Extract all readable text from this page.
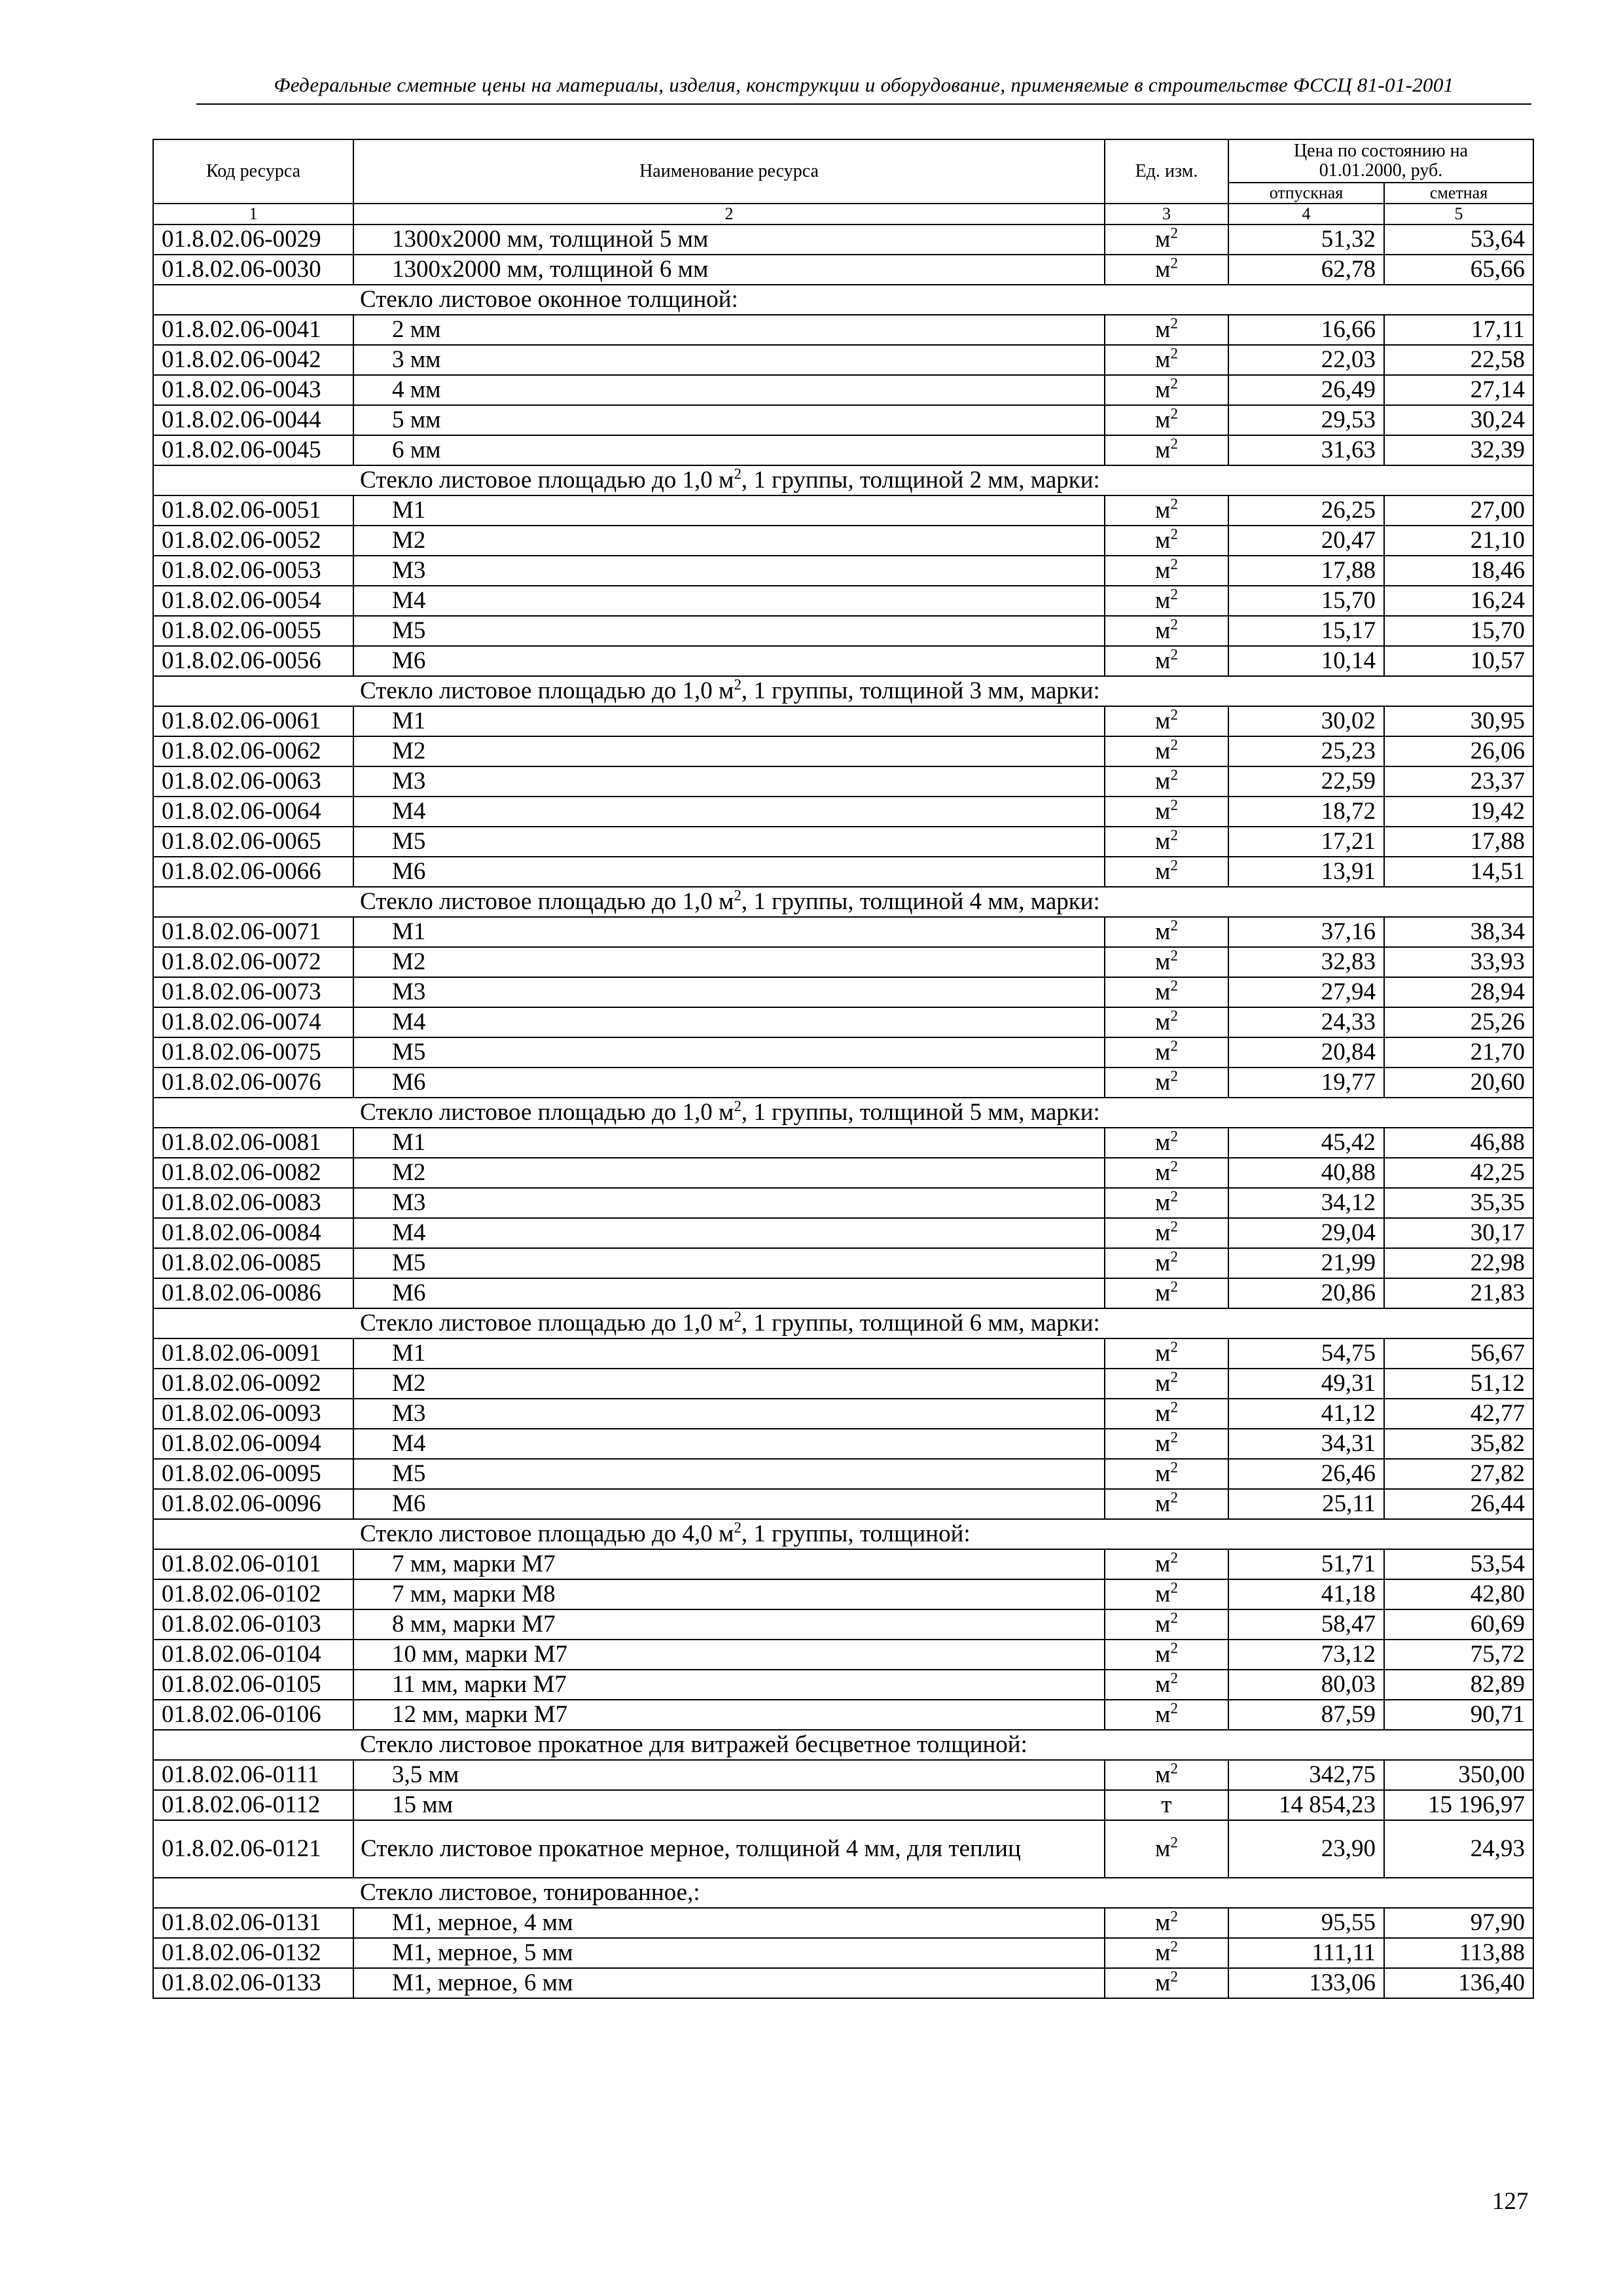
Федеральные сметные цены на материалы, изделия, конструкции и оборудование, применяемые в строительстве ФССЦ 81-01-2001
Код ресурса	Наименование ресурса	Ед. изм.	Цена по состоянию на 01.01.2000, руб.	

			отпускная	сметная
1	2	3	4	5
01.8.02.06-0029	1300х2000 мм, толщиной 5 мм	$м^2$	51,32	53,64
01.8.02.06-0030	1300х2000 мм, толщиной 6 мм	$м^2$	62,78	65,66
	Стекло листовое оконное толщиной:			
01.8.02.06-0041	2 мм	$м^2$	16,66	17,11
01.8.02.06-0042	3 мм	$м^2$	22,03	22,58
01.8.02.06-0043	4 мм	$м^2$	26,49	27,14
01.8.02.06-0044	5 мм	$м^2$	29,53	30,24
01.8.02.06-0045	6 мм	$м^2$	31,63	32,39
	Стекло листовое площадью до 1,0 $м^2$, 1 группы, толщиной 2 мм, марки:			
01.8.02.06-0051	М1	$м^2$	26,25	27,00
01.8.02.06-0052	М2	$м^2$	20,47	21,10
01.8.02.06-0053	М3	$м^2$	17,88	18,46
01.8.02.06-0054	М4	$м^2$	15,70	16,24
01.8.02.06-0055	М5	$м^2$	15,17	15,70
01.8.02.06-0056	М6	$м^2$	10,14	10,57
	Стекло листовое площадью до 1,0 $м^2$, 1 группы, толщиной 3 мм, марки:			
01.8.02.06-0061	М1	$м^2$	30,02	30,95
01.8.02.06-0062	М2	$м^2$	25,23	26,06
01.8.02.06-0063	М3	$м^2$	22,59	23,37
01.8.02.06-0064	М4	$м^2$	18,72	19,42
01.8.02.06-0065	М5	$м^2$	17,21	17,88
01.8.02.06-0066	М6	$м^2$	13,91	14,51
	Стекло листовое площадью до 1,0 $м^2$, 1 группы, толщиной 4 мм, марки:			
01.8.02.06-0071	М1	$м^2$	37,16	38,34
01.8.02.06-0072	М2	$м^2$	32,83	33,93
01.8.02.06-0073	М3	$м^2$	27,94	28,94
01.8.02.06-0074	М4	$м^2$	24,33	25,26
01.8.02.06-0075	М5	$м^2$	20,84	21,70
01.8.02.06-0076	М6	$м^2$	19,77	20,60
	Стекло листовое площадью до 1,0 $м^2$, 1 группы, толщиной 5 мм, марки:			
01.8.02.06-0081	М1	$м^2$	45,42	46,88
01.8.02.06-0082	М2	$м^2$	40,88	42,25
01.8.02.06-0083	М3	$м^2$	34,12	35,35
01.8.02.06-0084	М4	$м^2$	29,04	30,17
01.8.02.06-0085	М5	$м^2$	21,99	22,98
01.8.02.06-0086	М6	$м^2$	20,86	21,83
	Стекло листовое площадью до 1,0 $м^2$, 1 группы, толщиной 6 мм, марки:			
01.8.02.06-0091	М1	$м^2$	54,75	56,67
01.8.02.06-0092	М2	$м^2$	49,31	51,12
01.8.02.06-0093	М3	$м^2$	41,12	42,77
01.8.02.06-0094	М4	$м^2$	34,31	35,82
01.8.02.06-0095	М5	$м^2$	26,46	27,82
01.8.02.06-0096	М6	$м^2$	25,11	26,44
	Стекло листовое площадью до 4,0 $м^2$, 1 группы, толщиной:			
01.8.02.06-0101	7 мм, марки М7	$м^2$	51,71	53,54
01.8.02.06-0102	7 мм, марки М8	$м^2$	41,18	42,80
01.8.02.06-0103	8 мм, марки М7	$м^2$	58,47	60,69
01.8.02.06-0104	10 мм, марки М7	$м^2$	73,12	75,72
01.8.02.06-0105	11 мм, марки М7	$м^2$	80,03	82,89
01.8.02.06-0106	12 мм, марки М7	$м^2$	87,59	90,71
	Стекло листовое прокатное для витражей бесцветное толщиной:			
01.8.02.06-0111	3,5 мм	$м^2$	342,75	350,00
01.8.02.06-0112	15 мм	т	14 854,23	15 196,97
01.8.02.06-0121	Стекло листовое прокатное мерное, толщиной 4 мм, для теплиц	$м^2$	23,90	24,93
	Стекло листовое, тонированное,:			
01.8.02.06-0131	М1, мерное, 4 мм	$м^2$	95,55	97,90
01.8.02.06-0132	М1, мерное, 5 мм	$м^2$	111,11	113,88
01.8.02.06-0133	М1, мерное, 6 мм	$м^2$	133,06	136,40
127
